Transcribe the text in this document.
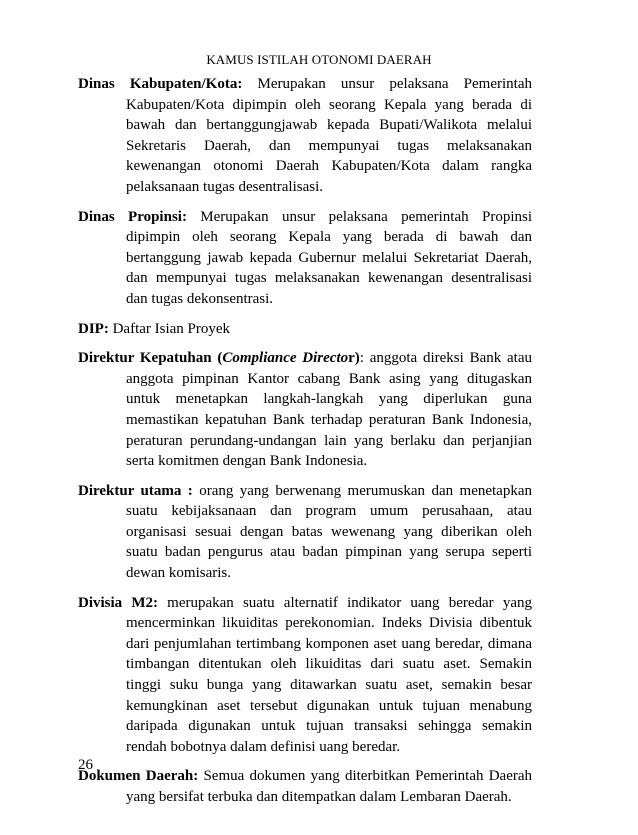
KAMUS ISTILAH OTONOMI DAERAH

Dinas Kabupaten/Kota: Merupakan unsur pelaksana Pemerintah Kabupaten/Kota dipimpin oleh seorang Kepala yang berada di bawah dan bertanggungjawab kepada Bupati/Walikota melalui Sekretaris Daerah, dan mempunyai tugas melaksanakan kewenangan otonomi Daerah Kabupaten/Kota dalam rangka pelaksanaan tugas desentralisasi.

Dinas Propinsi: Merupakan unsur pelaksana pemerintah Propinsi dipimpin oleh seorang Kepala yang berada di bawah dan bertanggung jawab kepada Gubernur melalui Sekretariat Daerah, dan mempunyai tugas melaksanakan kewenangan desentralisasi dan tugas dekonsentrasi.

DIP: Daftar Isian Proyek

Direktur Kepatuhan (Compliance Director): anggota direksi Bank atau anggota pimpinan Kantor cabang Bank asing yang ditugaskan untuk menetapkan langkah-langkah yang diperlukan guna memastikan kepatuhan Bank terhadap peraturan Bank Indonesia, peraturan perundang-undangan lain yang berlaku dan perjanjian serta komitmen dengan Bank Indonesia.

Direktur utama : orang yang berwenang merumuskan dan menetapkan suatu kebijaksanaan dan program umum perusahaan, atau organisasi sesuai dengan batas wewenang yang diberikan oleh suatu badan pengurus atau badan pimpinan yang serupa seperti dewan komisaris.

Divisia M2: merupakan suatu alternatif indikator uang beredar yang mencerminkan likuiditas perekonomian. Indeks Divisia dibentuk dari penjumlahan tertimbang komponen aset uang beredar, dimana timbangan ditentukan oleh likuiditas dari suatu aset. Semakin tinggi suku bunga yang ditawarkan suatu aset, semakin besar kemungkinan aset tersebut digunakan untuk tujuan menabung daripada digunakan untuk tujuan transaksi sehingga semakin rendah bobotnya dalam definisi uang beredar.

Dokumen Daerah: Semua dokumen yang diterbitkan Pemerintah Daerah yang bersifat terbuka dan ditempatkan dalam Lembaran Daerah.

26
